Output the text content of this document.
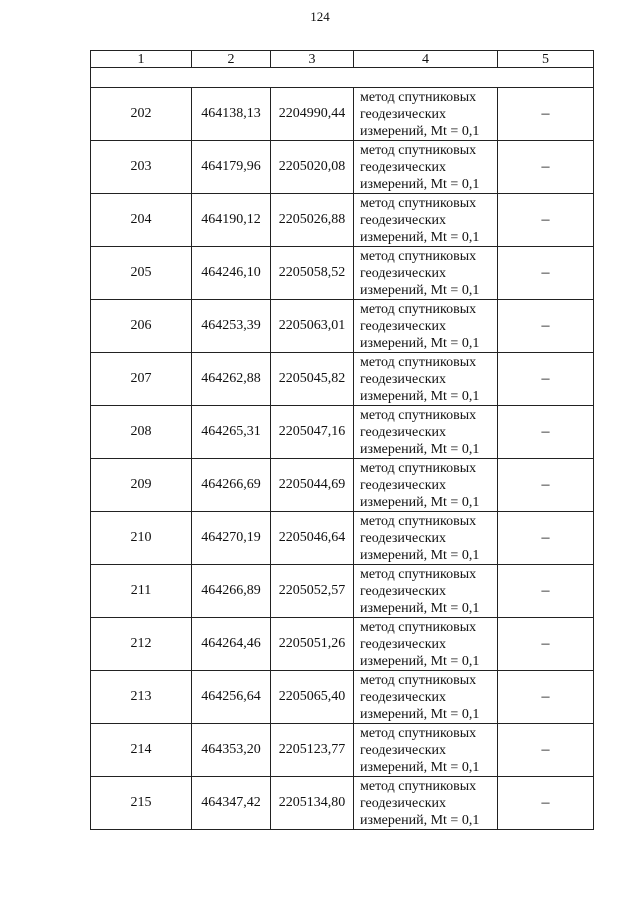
124
1	2	3	4	5

202	464138,13	2204990,44	метод спутниковых
геодезических
измерений, Mt = 0,1	–
203	464179,96	2205020,08	метод спутниковых
геодезических
измерений, Mt = 0,1	–
204	464190,12	2205026,88	метод спутниковых
геодезических
измерений, Mt = 0,1	–
205	464246,10	2205058,52	метод спутниковых
геодезических
измерений, Mt = 0,1	–
206	464253,39	2205063,01	метод спутниковых
геодезических
измерений, Mt = 0,1	–
207	464262,88	2205045,82	метод спутниковых
геодезических
измерений, Mt = 0,1	–
208	464265,31	2205047,16	метод спутниковых
геодезических
измерений, Mt = 0,1	–
209	464266,69	2205044,69	метод спутниковых
геодезических
измерений, Mt = 0,1	–
210	464270,19	2205046,64	метод спутниковых
геодезических
измерений, Mt = 0,1	–
211	464266,89	2205052,57	метод спутниковых
геодезических
измерений, Mt = 0,1	–
212	464264,46	2205051,26	метод спутниковых
геодезических
измерений, Mt = 0,1	–
213	464256,64	2205065,40	метод спутниковых
геодезических
измерений, Mt = 0,1	–
214	464353,20	2205123,77	метод спутниковых
геодезических
измерений, Mt = 0,1	–
215	464347,42	2205134,80	метод спутниковых
геодезических
измерений, Mt = 0,1	–
